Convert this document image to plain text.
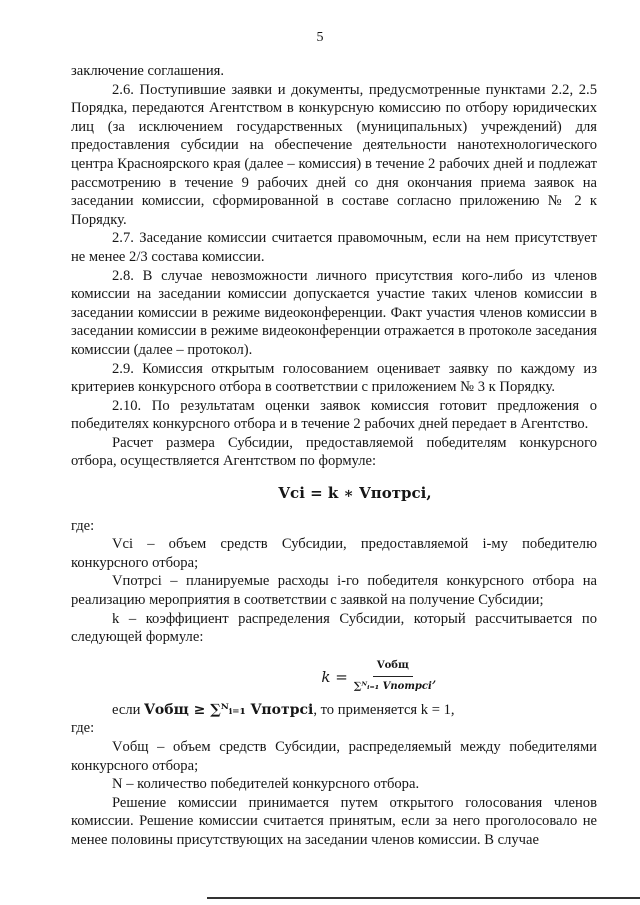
5

заключение соглашения.

2.6. Поступившие заявки и документы, предусмотренные пунктами 2.2, 2.5 Порядка, передаются Агентством в конкурсную комиссию по отбору юридических лиц (за исключением государственных (муниципальных) учреждений) для предоставления субсидии на обеспечение деятельности нанотехнологического центра Красноярского края (далее – комиссия) в течение 2 рабочих дней и подлежат рассмотрению в течение 9 рабочих дней со дня окончания приема заявок на заседании комиссии, сформированной в составе согласно приложению № 2 к Порядку.

2.7. Заседание комиссии считается правомочным, если на нем присутствует не менее 2/3 состава комиссии.

2.8. В случае невозможности личного присутствия кого-либо из членов комиссии на заседании комиссии допускается участие таких членов комиссии в заседании комиссии в режиме видеоконференции. Факт участия членов комиссии в заседании комиссии в режиме видеоконференции отражается в протоколе заседания комиссии (далее – протокол).

2.9. Комиссия открытым голосованием оценивает заявку по каждому из критериев конкурсного отбора в соответствии с приложением № 3 к Порядку.

2.10. По результатам оценки заявок комиссия готовит предложения о победителях конкурсного отбора и в течение 2 рабочих дней передает в Агентство.

Расчет размера Субсидии, предоставляемой победителям конкурсного отбора, осуществляется Агентством по формуле:

Vci = k ∗ Vпотрci,

где:

Vci – объем средств Субсидии, предоставляемой i-му победителю конкурсного отбора;

Vпотрci – планируемые расходы i-го победителя конкурсного отбора на реализацию мероприятия в соответствии с заявкой на получение Субсидии;

k – коэффициент распределения Субсидии, который рассчитывается по следующей формуле:

$k = \frac{\text{Vобщ}}{\text{∑ᴺᵢ₌₁ Vпотрci}}$ ,

если Vобщ ≥ ∑ᴺᵢ₌₁ Vпотрci, то применяется k = 1,

где:

Vобщ – объем средств Субсидии, распределяемый между победителями конкурсного отбора;

N – количество победителей конкурсного отбора.

Решение комиссии принимается путем открытого голосования членов комиссии. Решение комиссии считается принятым, если за него проголосовало не менее половины присутствующих на заседании членов комиссии. В случае
